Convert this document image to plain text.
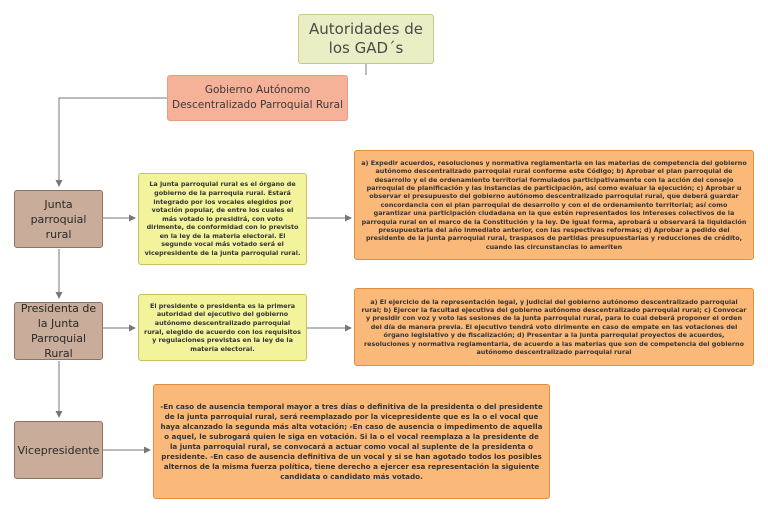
Autoridades de los GAD´s
Gobierno Autónomo Descentralizado Parroquial Rural
Junta parroquial rural
La junta parroquial rural es el órgano de gobierno de la parroquia rural. Estará integrado por los vocales elegidos por votación popular, de entre los cuales el más votado lo presidirá, con voto dirimente, de conformidad con lo previsto en la ley de la materia electoral. El segundo vocal más votado será el vicepresidente de la junta parroquial rural.
a) Expedir acuerdos, resoluciones y normativa reglamentaria en las materias de competencia del gobierno autónomo descentralizado parroquial rural conforme este Código; b) Aprobar el plan parroquial de desarrollo y el de ordenamiento territorial formulados participativamente con la acción del consejo parroquial de planificación y las instancias de participación, así como evaluar la ejecución; c) Aprobar u observar el presupuesto del gobierno autónomo descentralizado parroquial rural, que deberá guardar concordancia con el plan parroquial de desarrollo y con el de ordenamiento territorial; así como garantizar una participación ciudadana en la que estén representados los intereses colectivos de la parroquia rural en el marco de la Constitución y la ley. De igual forma, aprobará u observará la liquidación presupuestaria del año inmediato anterior, con las respectivas reformas; d) Aprobar a pedido del presidente de la junta parroquial rural, traspasos de partidas presupuestarias y reducciones de crédito, cuando las circunstancias lo ameriten
Presidenta de la Junta Parroquial Rural
El presidente o presidenta es la primera autoridad del ejecutivo del gobierno autónomo descentralizado parroquial rural, elegido de acuerdo con los requisitos y regulaciones previstas en la ley de la materia electoral.
a) El ejercicio de la representación legal, y judicial del gobierno autónomo descentralizado parroquial rural; b) Ejercer la facultad ejecutiva del gobierno autónomo descentralizado parroquial rural; c) Convocar y presidir con voz y voto las sesiones de la junta parroquial rural, para lo cual deberá proponer el orden del día de manera previa. El ejecutivo tendrá voto dirimente en caso de empate en las votaciones del órgano legislativo y de fiscalización; d) Presentar a la junta parroquial proyectos de acuerdos, resoluciones y normativa reglamentaria, de acuerdo a las materias que son de competencia del gobierno autónomo descentralizado parroquial rural
Vicepresidente
-En caso de ausencia temporal mayor a tres días o definitiva de la presidenta o del presidente de la junta parroquial rural, será reemplazado por la vicepresidente que es la o el vocal que haya alcanzado la segunda más alta votación; -En caso de ausencia o impedimento de aquella o aquel, le subrogará quien le siga en votación. Si la o el vocal reemplaza a la presidente de la junta parroquial rural, se convocará a actuar como vocal al suplente de la presidenta o presidente. -En caso de ausencia definitiva de un vocal y si se han agotado todos los posibles alternos de la misma fuerza política, tiene derecho a ejercer esa representación la siguiente candidata o candidato más votado.
